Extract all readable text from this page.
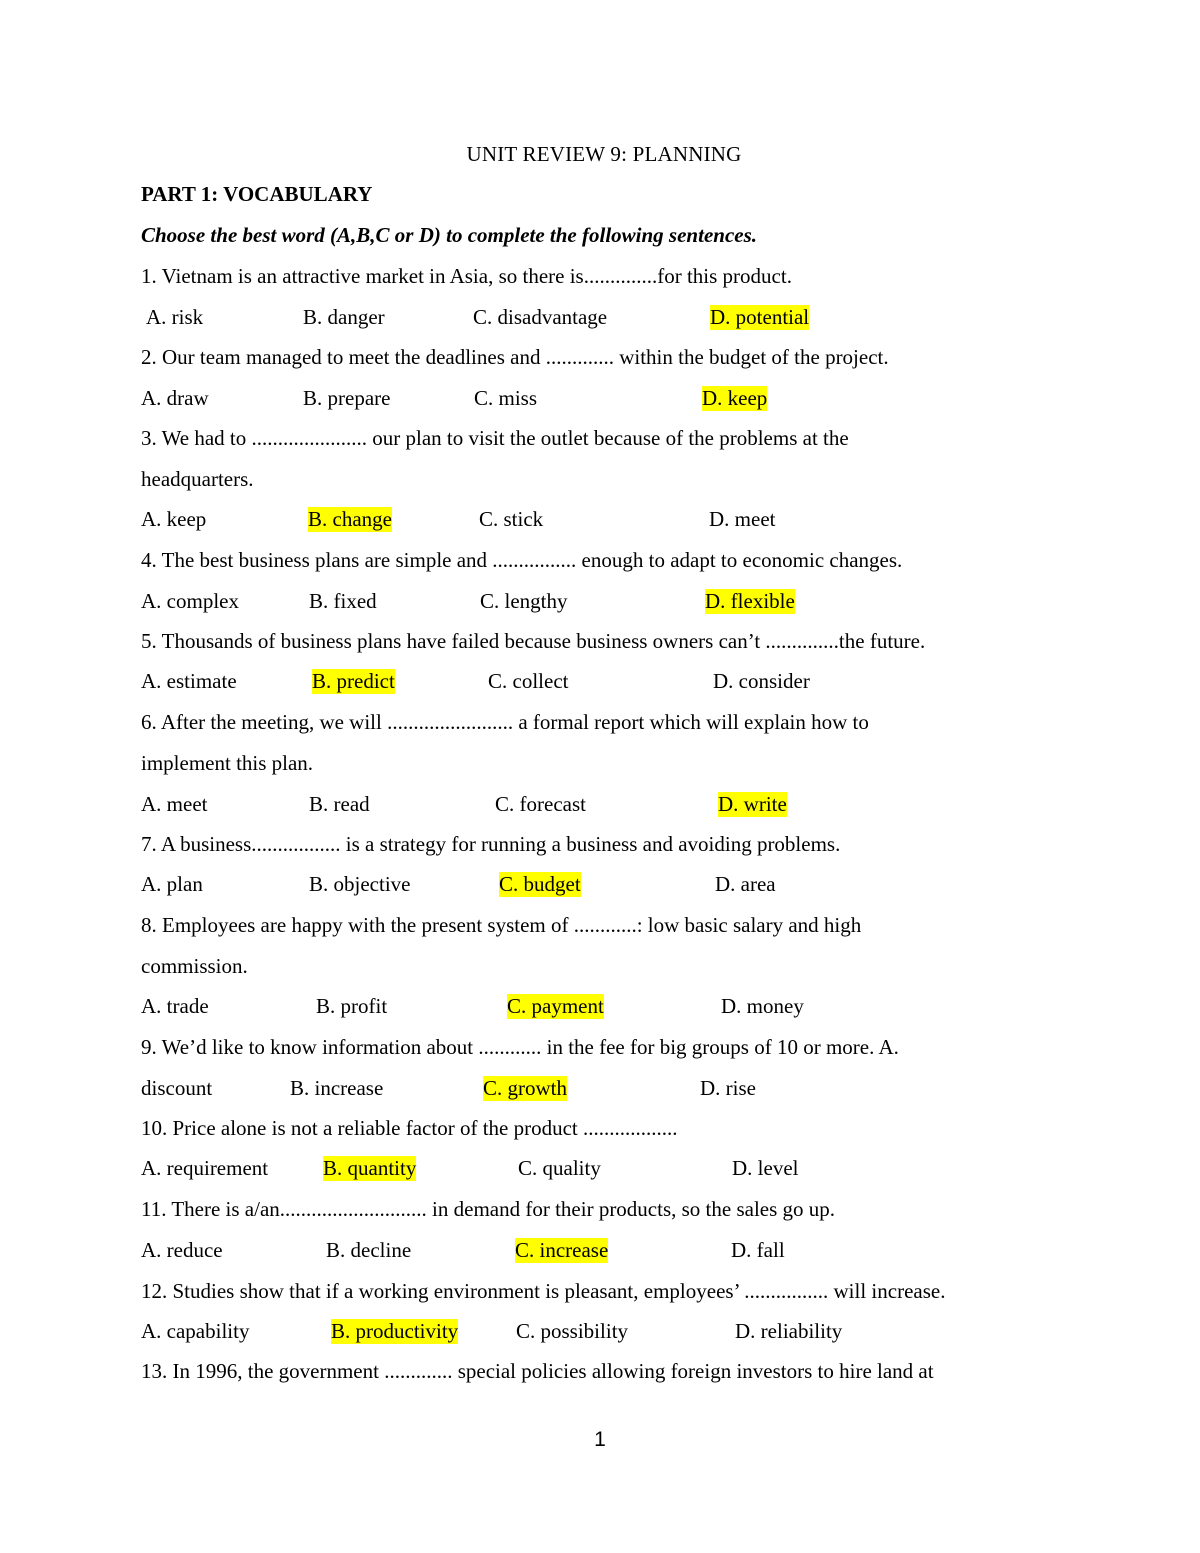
UNIT REVIEW 9: PLANNING
PART 1: VOCABULARY
Choose the best word (A,B,C or D) to complete the following sentences.
1. Vietnam is an attractive market in Asia, so there is..............for this product.
A. risk	B. danger	C. disadvantage	D. potential
2. Our team managed to meet the deadlines and ............. within the budget of the project.
A. draw	B. prepare	C. miss	D. keep
3. We had to ...................... our plan to visit the outlet because of the problems at the
headquarters.
A. keep	B. change	C. stick	D. meet
4. The best business plans are simple and ................ enough to adapt to economic changes.
A. complex	B. fixed	C. lengthy	D. flexible
5. Thousands of business plans have failed because business owners can’t ..............the future.
A. estimate	B. predict	C. collect	D. consider
6. After the meeting, we will ........................ a formal report which will explain how to
implement this plan.
A. meet	B. read	C. forecast	D. write
7. A business................. is a strategy for running a business and avoiding problems.
A. plan	B. objective	C. budget	D. area
8. Employees are happy with the present system of ............: low basic salary and high
commission.
A. trade	B. profit	C. payment	D. money
9. We’d like to know information about ............ in the fee for big groups of 10 or more. A.
discount	B. increase	C. growth	D. rise
10. Price alone is not a reliable factor of the product ..................
A. requirement	B. quantity	C. quality	D. level
11. There is a/an............................ in demand for their products, so the sales go up.
A. reduce	B. decline	C. increase	D. fall
12. Studies show that if a working environment is pleasant, employees’ ................ will increase.
A. capability	B. productivity	C. possibility	D. reliability
13. In 1996, the government ............. special policies allowing foreign investors to hire land at
1
